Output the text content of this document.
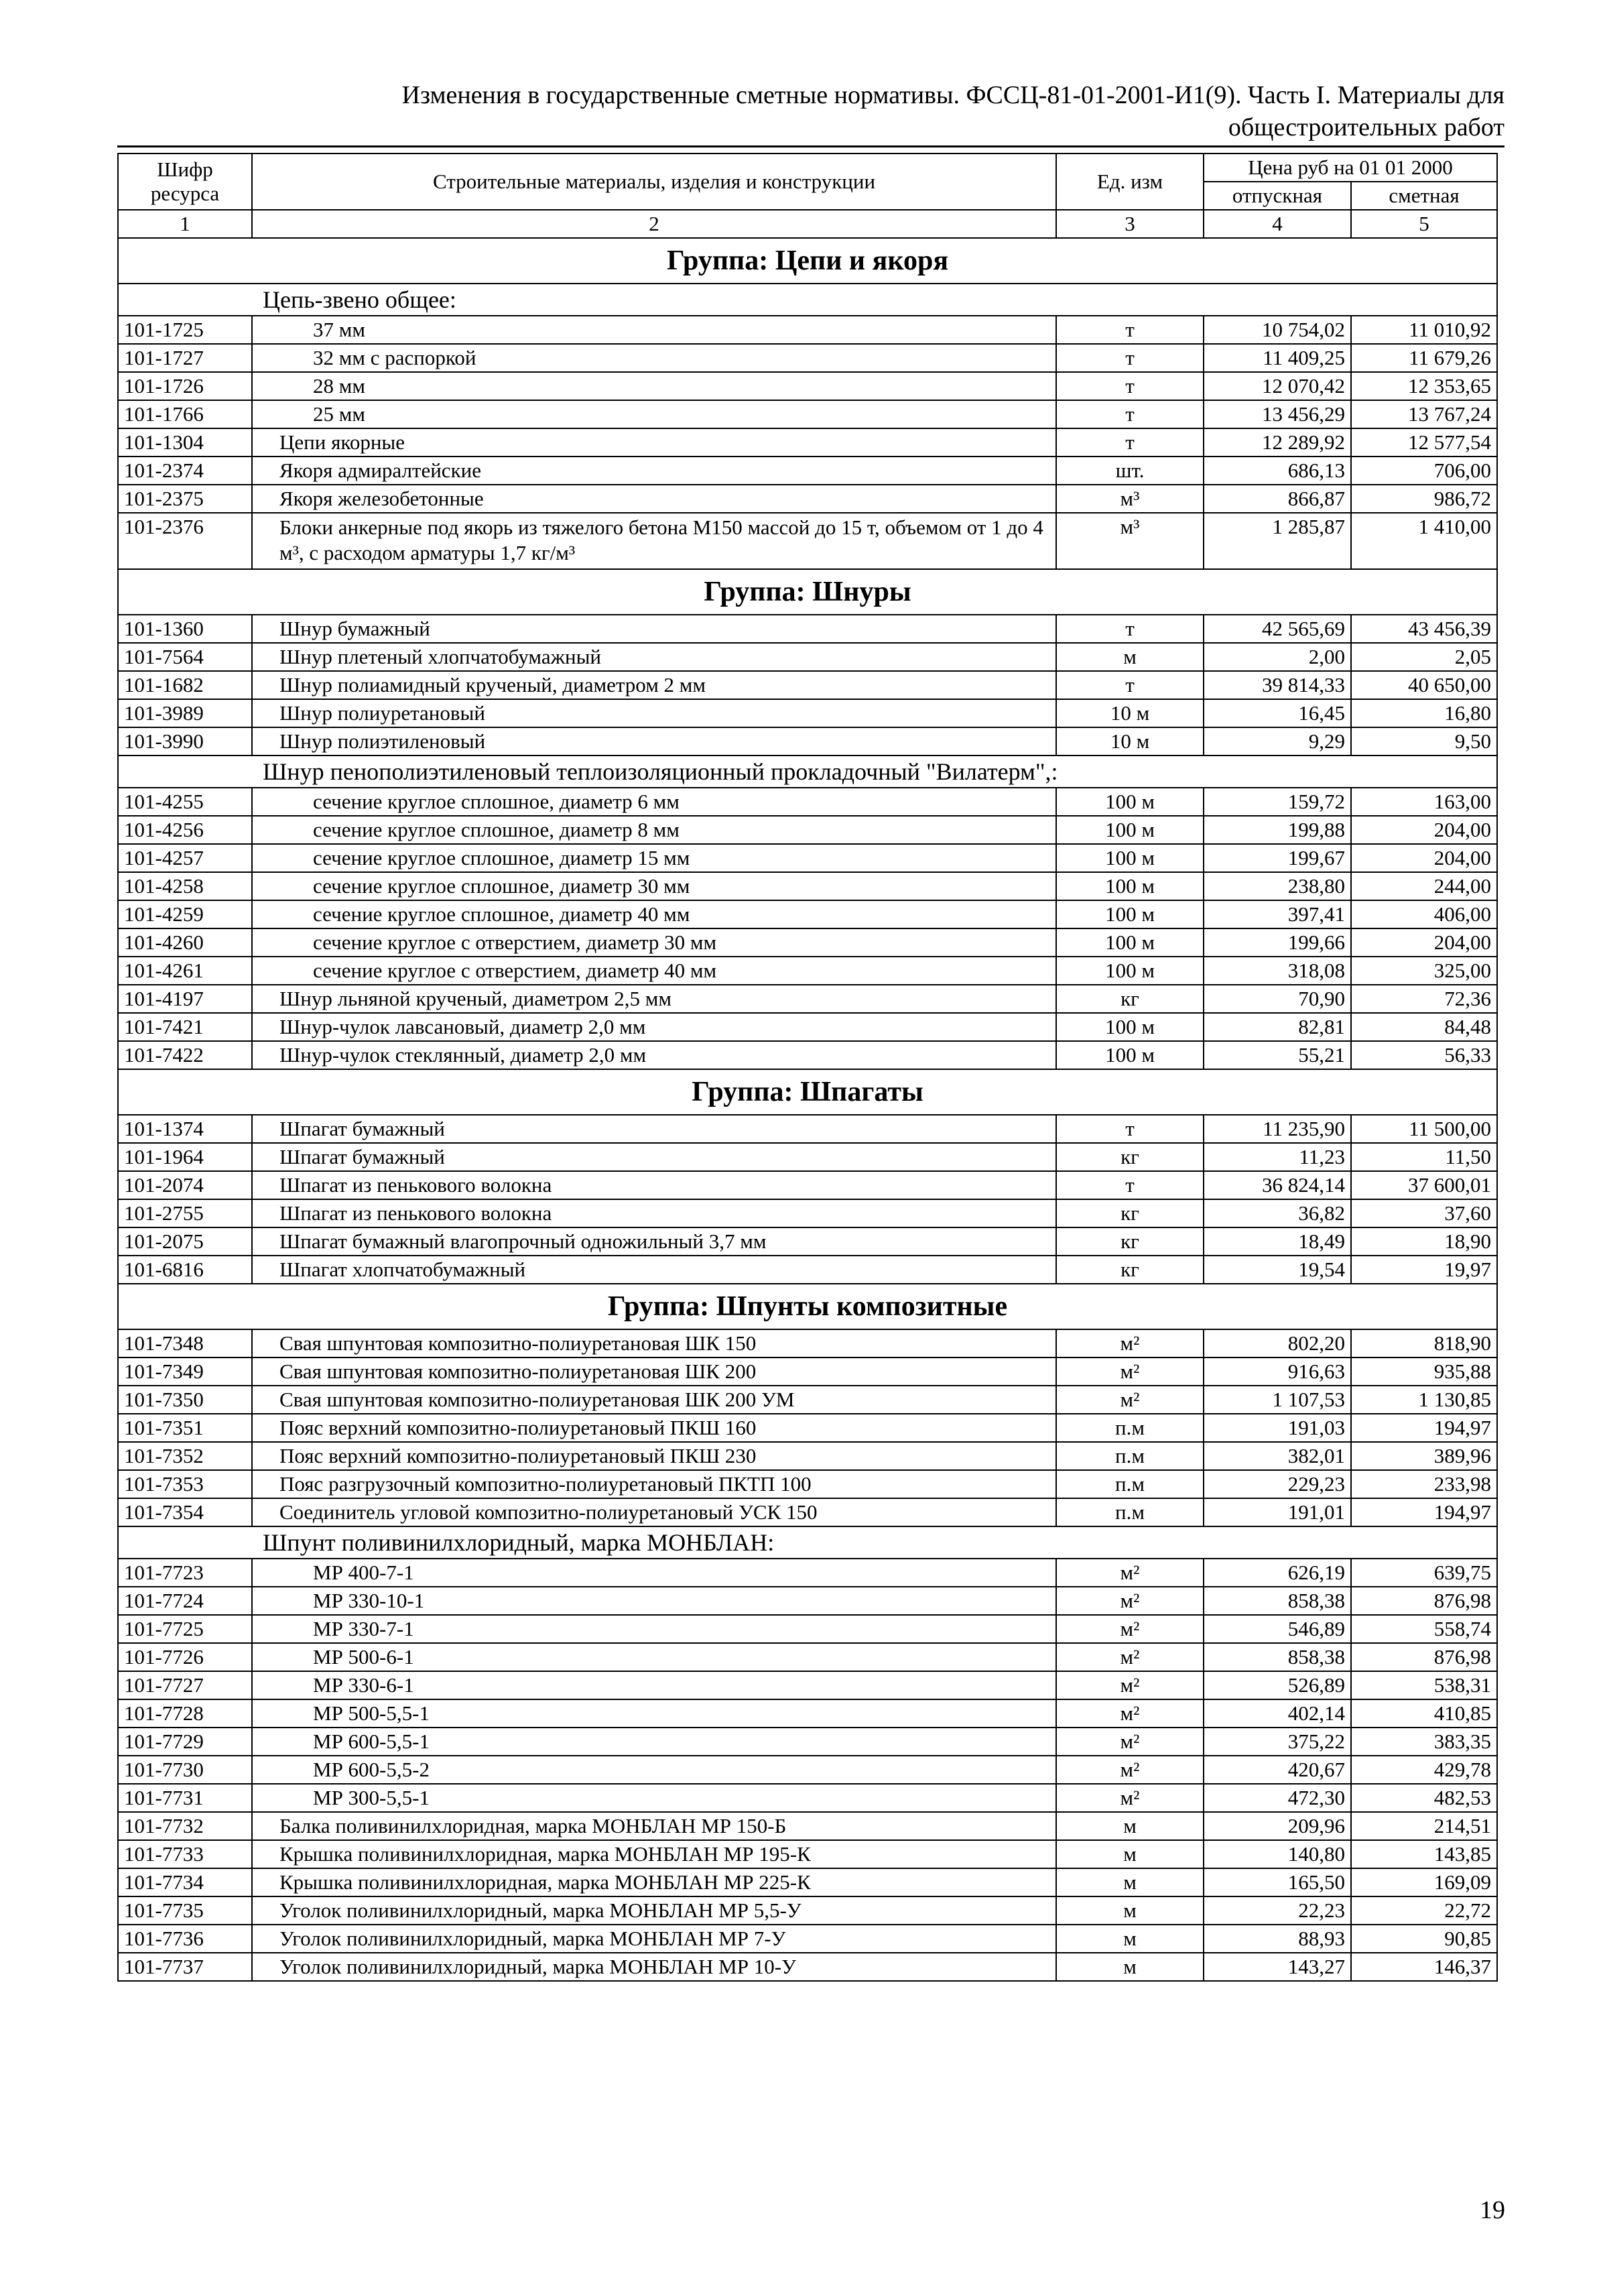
Изменения в государственные сметные нормативы. ФССЦ-81-01-2001-И1(9). Часть I. Материалы для
общестроительных работ
Шифр ресурса	Строительные материалы, изделия и конструкции	Ед. изм	Цена руб на 01 01 2000	
			отпускная	сметная
1	2	3	4	5
Группа: Цепи и якоря				
Цепь-звено общее:				
101-1725	37 мм	т	10 754,02	11 010,92
101-1727	32 мм с распоркой	т	11 409,25	11 679,26
101-1726	28 мм	т	12 070,42	12 353,65
101-1766	25 мм	т	13 456,29	13 767,24
101-1304	Цепи якорные	т	12 289,92	12 577,54
101-2374	Якоря адмиралтейские	шт.	686,13	706,00
101-2375	Якоря железобетонные	м³	866,87	986,72
101-2376	Блоки анкерные под якорь из тяжелого бетона М150 массой до 15 т, объемом от 1 до 4 м³, с расходом арматуры 1,7 кг/м³	м³	1 285,87	1 410,00
Группа: Шнуры				
101-1360	Шнур бумажный	т	42 565,69	43 456,39
101-7564	Шнур плетеный хлопчатобумажный	м	2,00	2,05
101-1682	Шнур полиамидный крученый, диаметром 2 мм	т	39 814,33	40 650,00
101-3989	Шнур полиуретановый	10 м	16,45	16,80
101-3990	Шнур полиэтиленовый	10 м	9,29	9,50
Шнур пенополиэтиленовый теплоизоляционный прокладочный "Вилатерм",:				
101-4255	сечение круглое сплошное, диаметр 6 мм	100 м	159,72	163,00
101-4256	сечение круглое сплошное, диаметр 8 мм	100 м	199,88	204,00
101-4257	сечение круглое сплошное, диаметр 15 мм	100 м	199,67	204,00
101-4258	сечение круглое сплошное, диаметр 30 мм	100 м	238,80	244,00
101-4259	сечение круглое сплошное, диаметр 40 мм	100 м	397,41	406,00
101-4260	сечение круглое с отверстием, диаметр 30 мм	100 м	199,66	204,00
101-4261	сечение круглое с отверстием, диаметр 40 мм	100 м	318,08	325,00
101-4197	Шнур льняной крученый, диаметром 2,5 мм	кг	70,90	72,36
101-7421	Шнур-чулок лавсановый, диаметр 2,0 мм	100 м	82,81	84,48
101-7422	Шнур-чулок стеклянный, диаметр 2,0 мм	100 м	55,21	56,33
Группа: Шпагаты				
101-1374	Шпагат бумажный	т	11 235,90	11 500,00
101-1964	Шпагат бумажный	кг	11,23	11,50
101-2074	Шпагат из пенькового волокна	т	36 824,14	37 600,01
101-2755	Шпагат из пенькового волокна	кг	36,82	37,60
101-2075	Шпагат бумажный влагопрочный одножильный 3,7 мм	кг	18,49	18,90
101-6816	Шпагат хлопчатобумажный	кг	19,54	19,97
Группа: Шпунты композитные				
101-7348	Свая шпунтовая композитно-полиуретановая ШК 150	м²	802,20	818,90
101-7349	Свая шпунтовая композитно-полиуретановая ШК 200	м²	916,63	935,88
101-7350	Свая шпунтовая композитно-полиуретановая ШК 200 УМ	м²	1 107,53	1 130,85
101-7351	Пояс верхний композитно-полиуретановый ПКШ 160	п.м	191,03	194,97
101-7352	Пояс верхний композитно-полиуретановый ПКШ 230	п.м	382,01	389,96
101-7353	Пояс разгрузочный композитно-полиуретановый ПКТП 100	п.м	229,23	233,98
101-7354	Соединитель угловой композитно-полиуретановый УСК 150	п.м	191,01	194,97
Шпунт поливинилхлоридный, марка МОНБЛАН:				
101-7723	МР 400-7-1	м²	626,19	639,75
101-7724	МР 330-10-1	м²	858,38	876,98
101-7725	МР 330-7-1	м²	546,89	558,74
101-7726	МР 500-6-1	м²	858,38	876,98
101-7727	МР 330-6-1	м²	526,89	538,31
101-7728	МР 500-5,5-1	м²	402,14	410,85
101-7729	МР 600-5,5-1	м²	375,22	383,35
101-7730	МР 600-5,5-2	м²	420,67	429,78
101-7731	МР 300-5,5-1	м²	472,30	482,53
101-7732	Балка поливинилхлоридная, марка МОНБЛАН МР 150-Б	м	209,96	214,51
101-7733	Крышка поливинилхлоридная, марка МОНБЛАН МР 195-К	м	140,80	143,85
101-7734	Крышка поливинилхлоридная, марка МОНБЛАН МР 225-К	м	165,50	169,09
101-7735	Уголок поливинилхлоридный, марка МОНБЛАН МР 5,5-У	м	22,23	22,72
101-7736	Уголок поливинилхлоридный, марка МОНБЛАН МР 7-У	м	88,93	90,85
101-7737	Уголок поливинилхлоридный, марка МОНБЛАН МР 10-У	м	143,27	146,37
19
